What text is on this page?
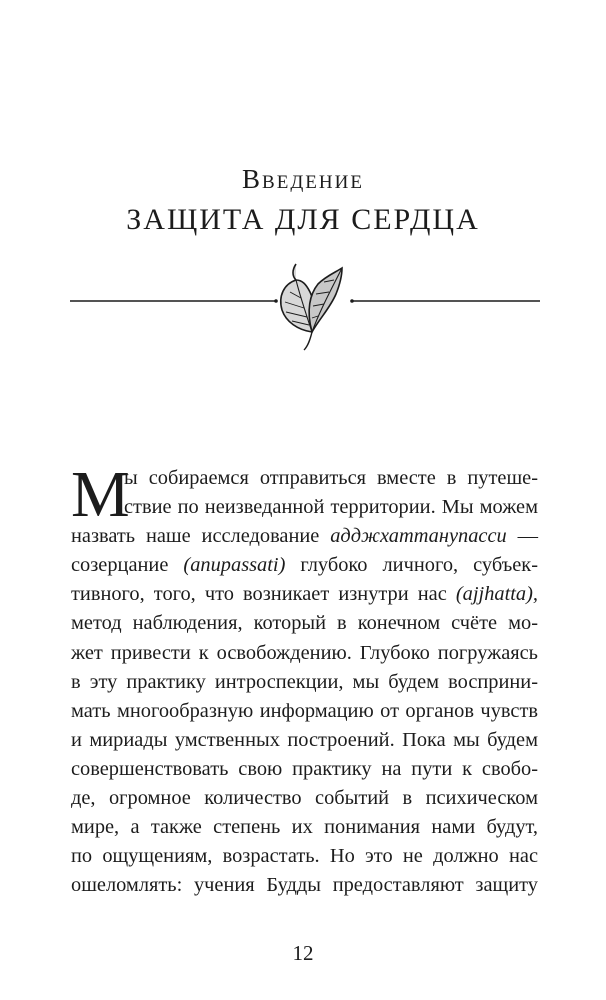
Введение
ЗАЩИТА ДЛЯ СЕРДЦА
М
ы собираемся отправиться вместе в путеше-
ствие по неизведанной территории. Мы можем
назвать наше исследование адджхаттанупасси —
созерцание (anupassati) глубоко личного, субъек-
тивного, того, что возникает изнутри нас (ajjhatta),
метод наблюдения, который в конечном счёте мо-
жет привести к освобождению. Глубоко погружаясь
в эту практику интроспекции, мы будем восприни-
мать многообразную информацию от органов чувств
и мириады умственных построений. Пока мы будем
совершенствовать свою практику на пути к свобо-
де, огромное количество событий в психическом
мире, а также степень их понимания нами будут,
по ощущениям, возрастать. Но это не должно нас
ошеломлять: учения Будды предоставляют защиту
12
